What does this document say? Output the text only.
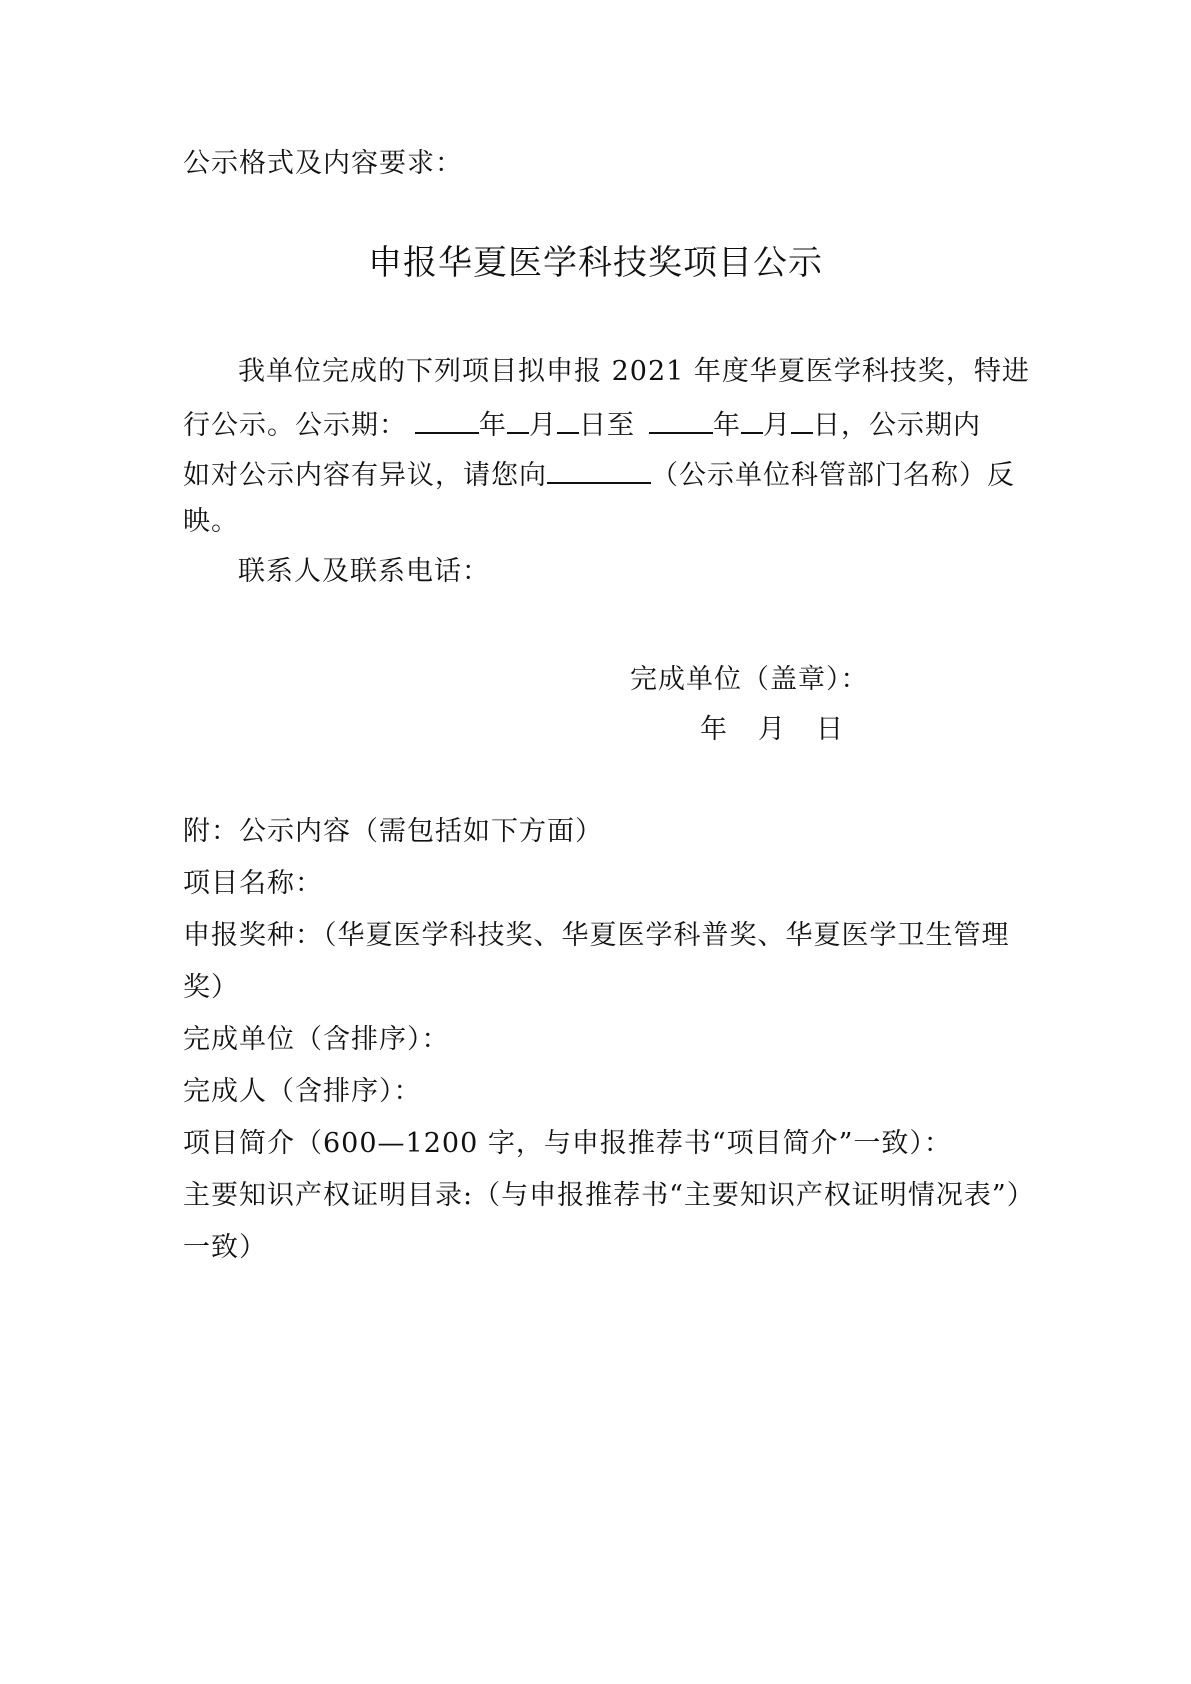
公示格式及内容要求：
申报华夏医学科技奖项目公示
我单位完成的下列项目拟申报 2021 年度华夏医学科技奖，特进
行公示。公示期：	年 月 日至	年 月 日，公示期内
如对公示内容有异议，请您向	（公示单位科管部门名称）反
映。
联系人及联系电话：
完成单位（盖章）：
年 月 日
附：公示内容（需包括如下方面）
项目名称：
申报奖种：（华夏医学科技奖、华夏医学科普奖、华夏医学卫生管理
奖）
完成单位（含排序）：
完成人（含排序）：
项目简介（600—1200 字，与申报推荐书“项目简介”一致）：
主要知识产权证明目录:（与申报推荐书“主要知识产权证明情况表”）
一致）
